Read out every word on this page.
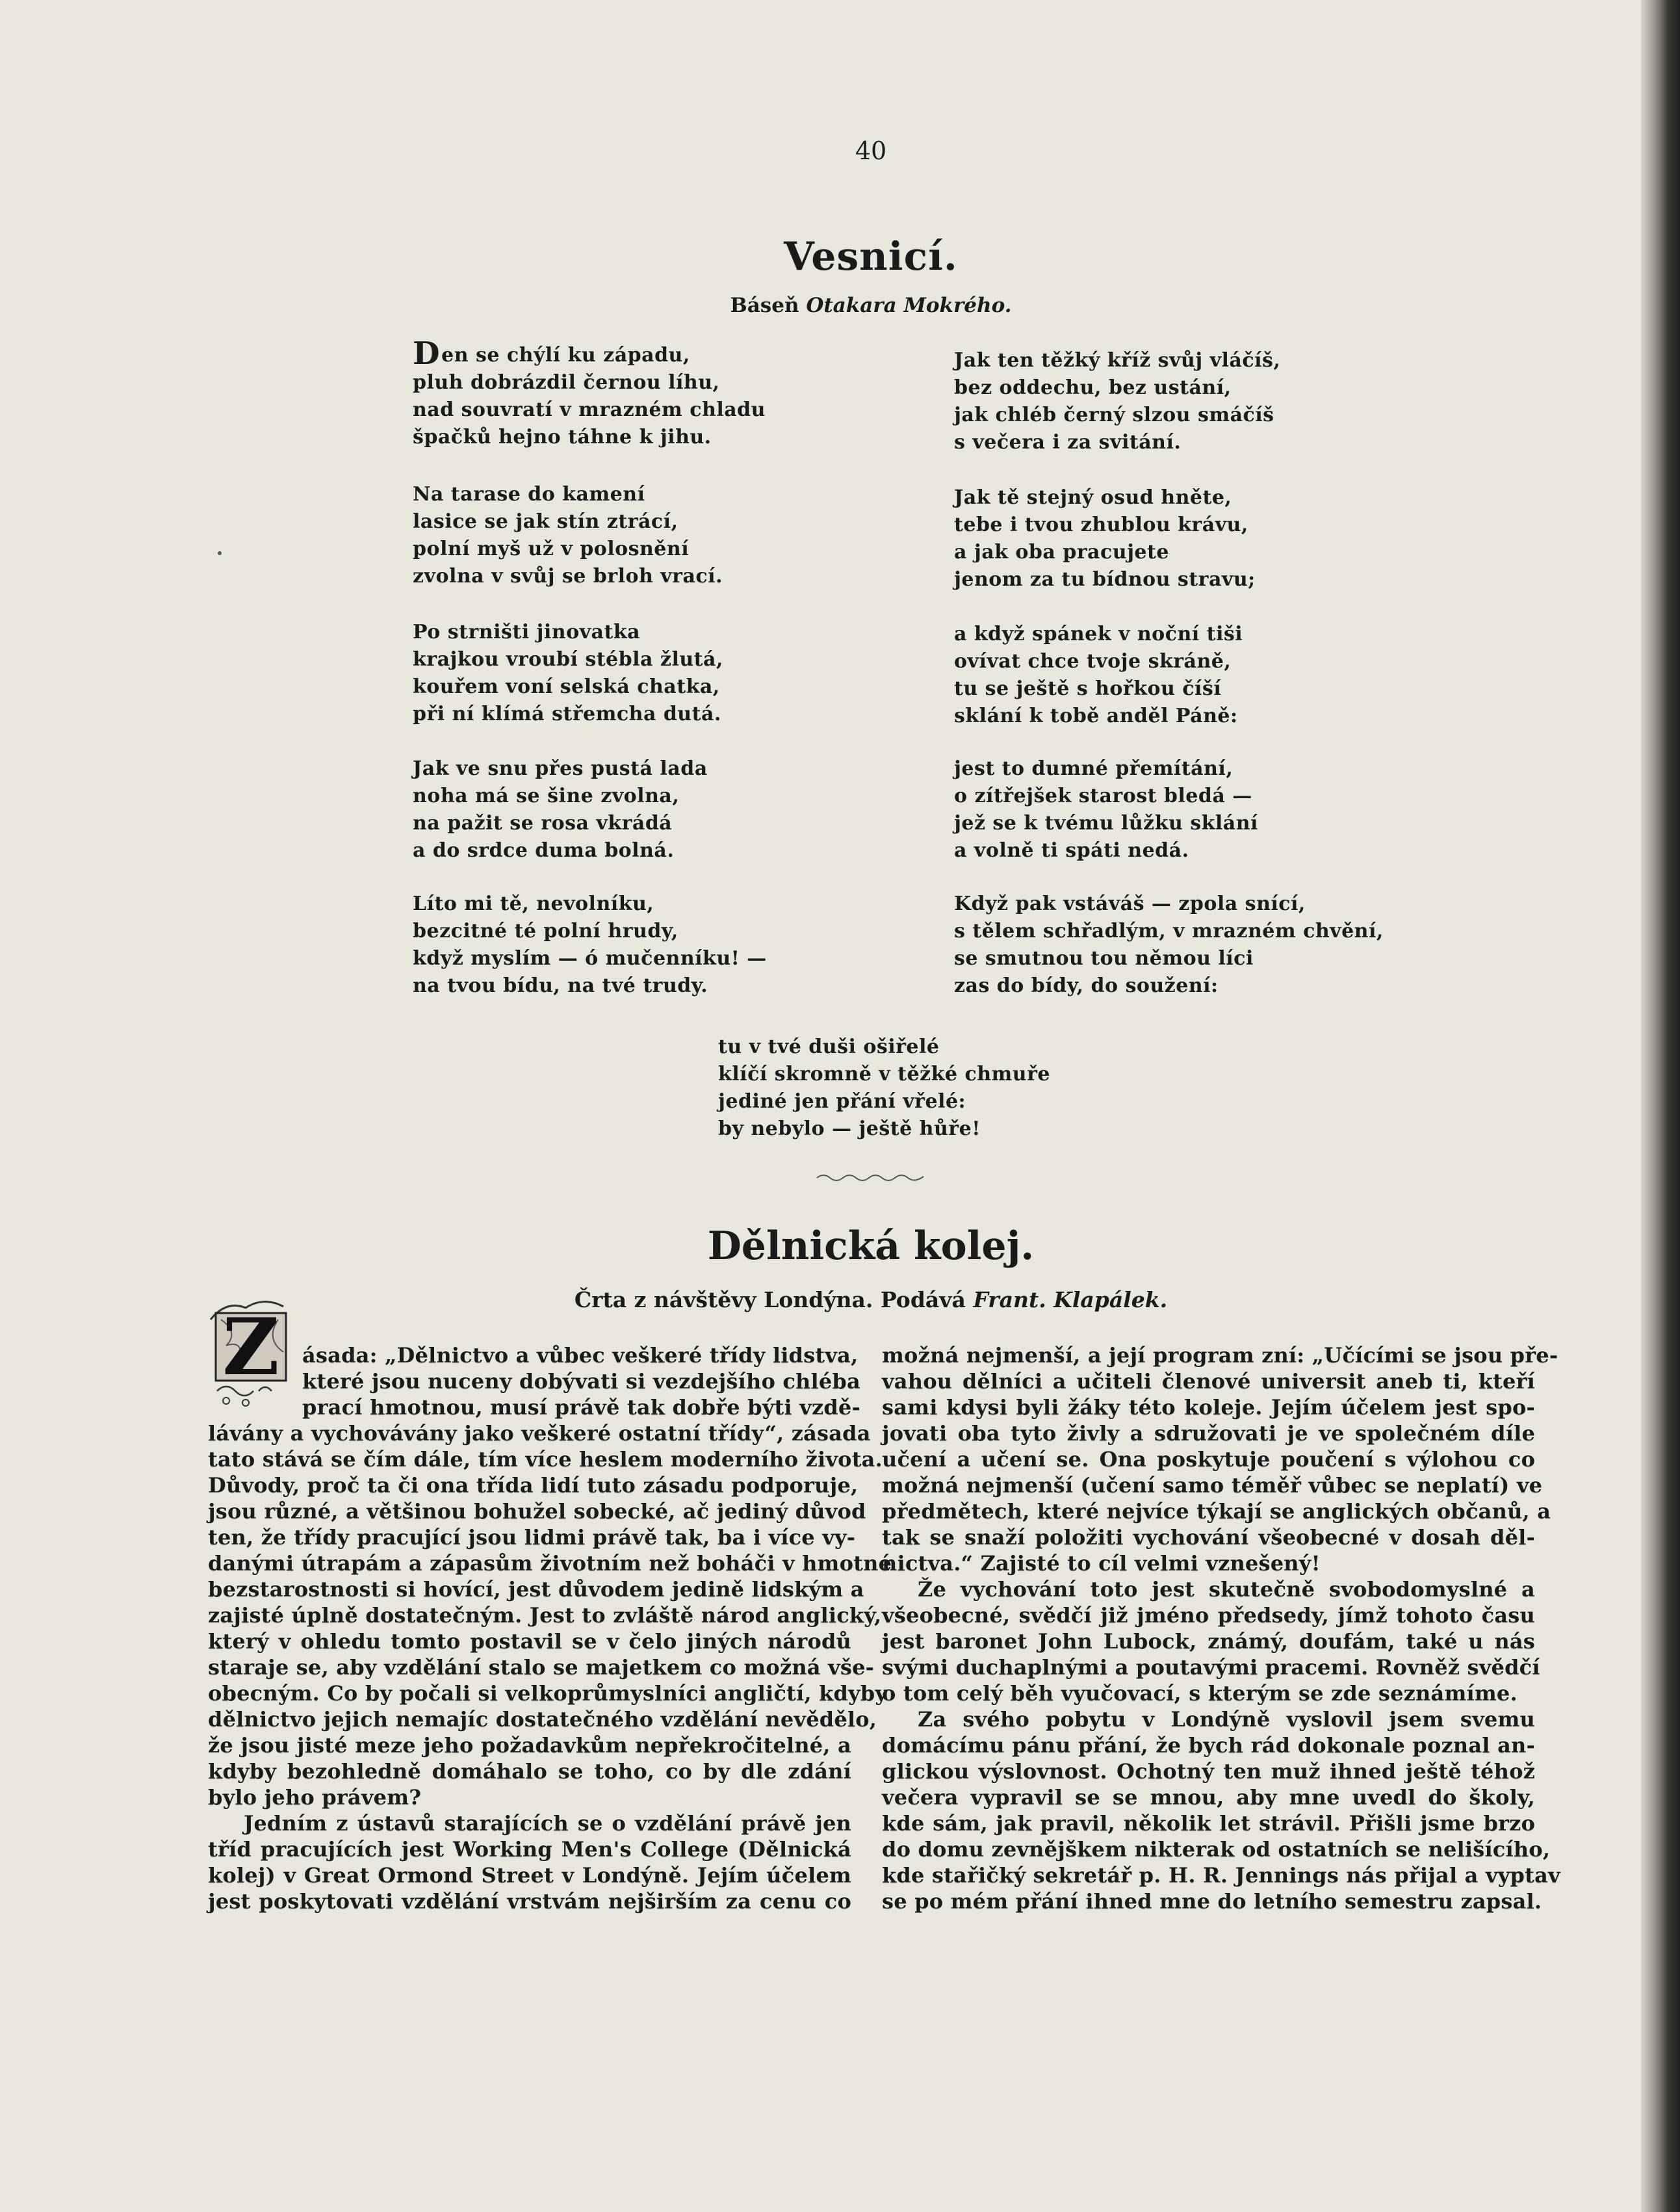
40
Vesnicí.
Báseň Otakara Mokrého.
Den se chýlí ku západu,
pluh dobrázdil černou líhu,
nad souvratí v mrazném chladu
špačků hejno táhne k jihu.
Na tarase do kamení
lasice se jak stín ztrácí,
polní myš už v polosnění
zvolna v svůj se brloh vrací.
Po strništi jinovatka
krajkou vroubí stébla žlutá,
kouřem voní selská chatka,
při ní klímá střemcha dutá.
Jak ve snu přes pustá lada
noha má se šine zvolna,
na pažit se rosa vkrádá
a do srdce duma bolná.
Líto mi tě, nevolníku,
bezcitné té polní hrudy,
když myslím — ó mučenníku! —
na tvou bídu, na tvé trudy.
Jak ten těžký kříž svůj vláčíš,
bez oddechu, bez ustání,
jak chléb černý slzou smáčíš
s večera i za svitání.
Jak tě stejný osud hněte,
tebe i tvou zhublou krávu,
a jak oba pracujete
jenom za tu bídnou stravu;
a když spánek v noční tiši
ovívat chce tvoje skráně,
tu se ještě s hořkou číší
sklání k tobě anděl Páně:
jest to dumné přemítání,
o zítřejšek starost bledá —
jež se k tvému lůžku sklání
a volně ti spáti nedá.
Když pak vstáváš — zpola snící,
s tělem schřadlým, v mrazném chvění,
se smutnou tou němou líci
zas do bídy, do soužení:
tu v tvé duši ošiřelé
klíčí skromně v těžké chmuře
jediné jen přání vřelé:
by nebylo — ještě hůře!
Dělnická kolej.
Črta z návštěvy Londýna. Podává Frant. Klapálek.
Z ásada: „Dělnictvo a vůbec veškeré třídy lidstva,
které jsou nuceny dobývati si vezdejšího chléba
prací hmotnou, musí právě tak dobře býti vzdě-
lávány a vychovávány jako veškeré ostatní třídy“, zásada
tato stává se čím dále, tím více heslem moderního života.
Důvody, proč ta či ona třída lidí tuto zásadu podporuje,
jsou různé, a většinou bohužel sobecké, ač jediný důvod
ten, že třídy pracující jsou lidmi právě tak, ba i více vy-
danými útrapám a zápasům životním než boháči v hmotné
bezstarostnosti si hovící, jest důvodem jedině lidským a
zajisté úplně dostatečným. Jest to zvláště národ anglický,
který v ohledu tomto postavil se v čelo jiných národů
staraje se, aby vzdělání stalo se majetkem co možná vše-
obecným. Co by počali si velkoprůmyslníci angličtí, kdyby
dělnictvo jejich nemajíc dostatečného vzdělání nevědělo,
že jsou jisté meze jeho požadavkům nepřekročitelné, a
kdyby bezohledně domáhalo se toho, co by dle zdání
bylo jeho právem?
Jedním z ústavů starajících se o vzdělání právě jen
tříd pracujících jest Working Men's College (Dělnická
kolej) v Great Ormond Street v Londýně. Jejím účelem
jest poskytovati vzdělání vrstvám nejširším za cenu co
možná nejmenší, a její program zní: „Učícími se jsou pře-
vahou dělníci a učiteli členové universit aneb ti, kteří
sami kdysi byli žáky této koleje. Jejím účelem jest spo-
jovati oba tyto živly a sdružovati je ve společném díle
učení a učení se. Ona poskytuje poučení s výlohou co
možná nejmenší (učení samo téměř vůbec se neplatí) ve
předmětech, které nejvíce týkají se anglických občanů, a
tak se snaží položiti vychování všeobecné v dosah děl-
nictva.“ Zajisté to cíl velmi vznešený!
Že vychování toto jest skutečně svobodomyslné a
všeobecné, svědčí již jméno předsedy, jímž tohoto času
jest baronet John Lubock, známý, doufám, také u nás
svými duchaplnými a poutavými pracemi. Rovněž svědčí
o tom celý běh vyučovací, s kterým se zde seznámíme.
Za svého pobytu v Londýně vyslovil jsem svemu
domácímu pánu přání, že bych rád dokonale poznal an-
glickou výslovnost. Ochotný ten muž ihned ještě téhož
večera vypravil se se mnou, aby mne uvedl do školy,
kde sám, jak pravil, několik let strávil. Přišli jsme brzo
do domu zevnějškem nikterak od ostatních se nelišícího,
kde stařičký sekretář p. H. R. Jennings nás přijal a vyptav
se po mém přání ihned mne do letního semestru zapsal.
